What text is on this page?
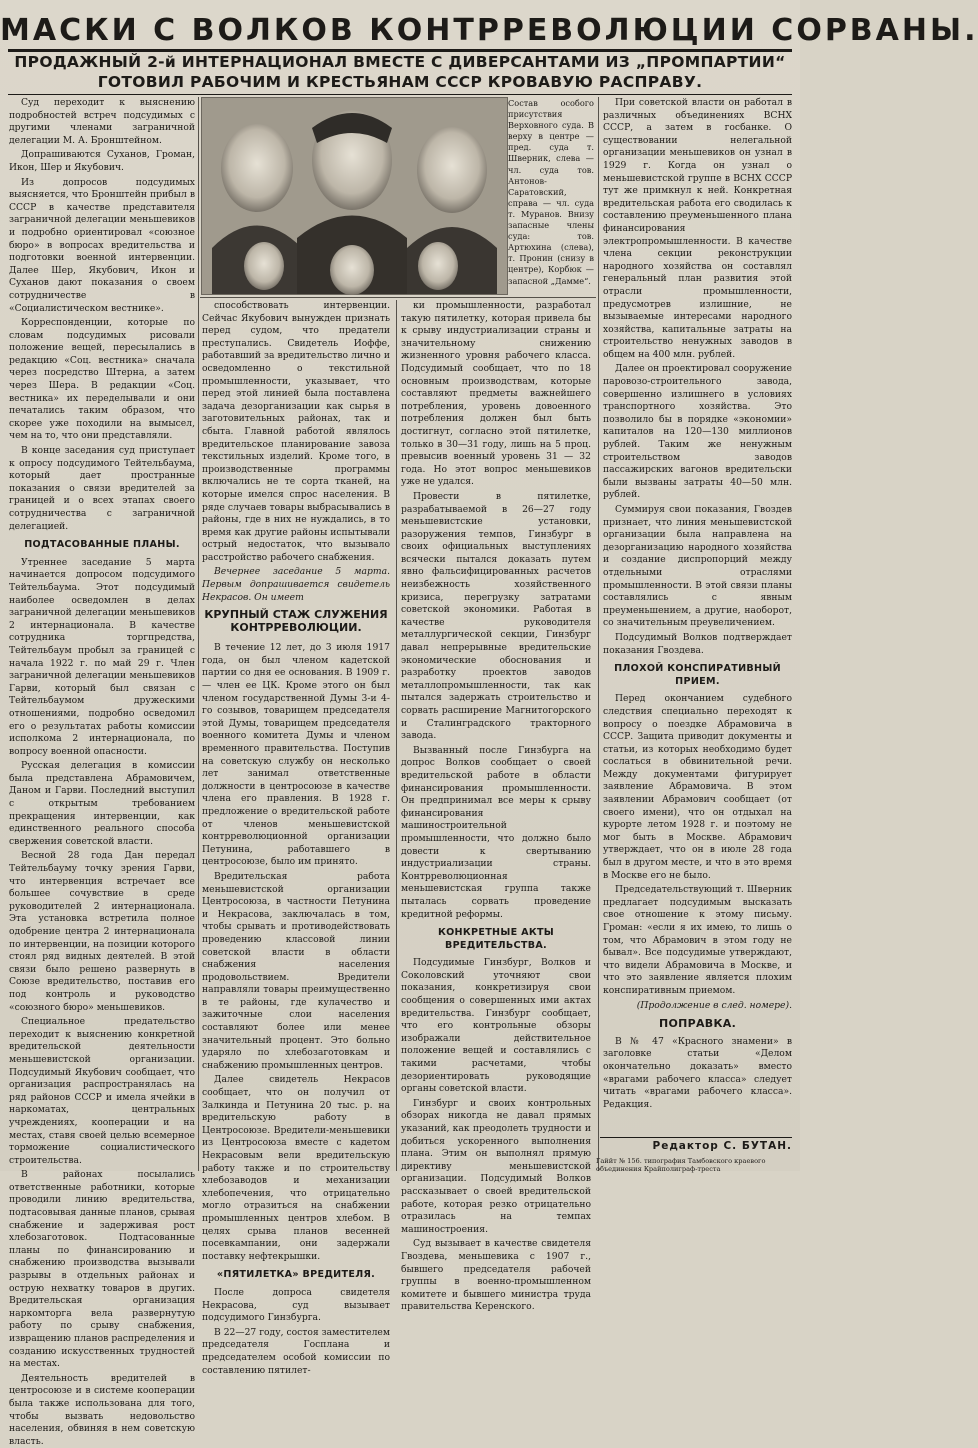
МАСКИ С ВОЛКОВ КОНТРРЕВОЛЮЦИИ СОРВАНЫ.
ПРОДАЖНЫЙ 2-й ИНТЕРНАЦИОНАЛ ВМЕСТЕ С ДИВЕРСАНТАМИ ИЗ „ПРОМПАРТИИ“ ГОТОВИЛ РАБОЧИМ И КРЕСТЬЯНАМ СССР КРОВАВУЮ РАСПРАВУ.

Суд переходит к выяснению подробностей встреч подсудимых с другими членами заграничной делегации М. А. Бронштейном.

Допрашиваются Суханов, Громан, Икон, Шер и Якубович.

Из допросов подсудимых выясняется, что Бронштейн прибыл в СССР в качестве представителя заграничной делегации меньшевиков и подробно ориентировал «союзное бюро» в вопросах вредительства и подготовки военной интервенции. Далее Шер, Якубович, Икон и Суханов дают показания о своем сотрудничестве в «Социалистическом вестнике».

Корреспонденции, которые по словам подсудимых рисовали положение вещей, пересылались в редакцию «Соц. вестника» сначала через посредство Штерна, а затем через Шера. В редакции «Соц. вестника» их переделывали и они печатались таким образом, что скорее уже походили на вымысел, чем на то, что они представляли.

В конце заседания суд приступает к опросу подсудимого Тейтельбаума, который дает пространные показания о связи вредителей за границей и о всех этапах своего сотрудничества с заграничной делегацией.

ПОДТАСОВАННЫЕ ПЛАНЫ.

Утреннее заседание 5 марта начинается допросом подсудимого Тейтельбаума. Этот подсудимый наиболее осведомлен в делах заграничной делегации меньшевиков 2 интернационала. В качестве сотрудника торгпредства, Тейтельбаум пробыл за границей с начала 1922 г. по май 29 г. Член заграничной делегации меньшевиков Гарви, который был связан с Тейтельбаумом дружескими отношениями, подробно осведомил его о результатах работы комиссии исполкома 2 интернационала, по вопросу военной опасности.

Русская делегация в комиссии была представлена Абрамовичем, Даном и Гарви. Последний выступил с открытым требованием прекращения интервенции, как единственного реального способа свержения советской власти.

Весной 28 года Дан передал Тейтельбауму точку зрения Гарви, что интервенция встречает все большее сочувствие в среде руководителей 2 интернационала. Эта установка встретила полное одобрение центра 2 интернационала по интервенции, на позиции которого стоял ряд видных деятелей. В этой связи было решено развернуть в Союзе вредительство, поставив его под контроль и руководство «союзного бюро» меньшевиков.

Специальное предательство переходит к выяснению конкретной вредительской деятельности меньшевистской организации. Подсудимый Якубович сообщает, что организация распространялась на ряд районов СССР и имела ячейки в наркоматах, центральных учреждениях, кооперации и на местах, ставя своей целью всемерное торможение социалистического строительства.

В районах посылались ответственные работники, которые проводили линию вредительства, подтасовывая данные планов, срывая снабжение и задерживая рост хлебозаготовок. Подтасованные планы по финансированию и снабжению производства вызывали разрывы в отдельных районах и острую нехватку товаров в других. Вредительская организация наркомторга вела развернутую работу по срыву снабжения, извращению планов распределения и созданию искусственных трудностей на местах.

Деятельность вредителей в центросоюзе и в системе кооперации была также использована для того, чтобы вызвать недовольство населения, обвиняя в нем советскую власть.

Состав особого присутствия Верховного суда. В верху в центре — пред. суда т. Шверник, слева — чл. суда тов. Антонов-Саратовский, справа — чл. суда т. Муранов. Внизу запасные члены суда: тов. Артюхина (слева), т. Пронин (снизу в центре), Корбюк — запасной „Дамме“.

способствовать интервенции. Сейчас Якубович вынужден признать перед судом, что предатели преступались. Свидетель Иоффе, работавший за вредительство лично и осведомленно о текстильной промышленности, указывает, что перед этой линией была поставлена задача дезорганизации как сырья в заготовительных районах, так и сбыта. Главной работой являлось вредительское планирование завоза текстильных изделий. Кроме того, в производственные программы включались не те сорта тканей, на которые имелся спрос населения. В ряде случаев товары выбрасывались в районы, где в них не нуждались, в то время как другие районы испытывали острый недостаток, что вызывало расстройство рабочего снабжения.

Вечернее заседание 5 марта. Первым допрашивается свидетель Некрасов. Он имеет

КРУПНЫЙ СТАЖ СЛУЖЕНИЯ КОНТРРЕВОЛЮЦИИ.

В течение 12 лет, до 3 июля 1917 года, он был членом кадетской партии со дня ее основания. В 1909 г. — член ее ЦК. Кроме этого он был членом государственной Думы 3-и 4-го созывов, товарищем председателя этой Думы, товарищем председателя военного комитета Думы и членом временного правительства. Поступив на советскую службу он несколько лет занимал ответственные должности в центросоюзе в качестве члена его правления. В 1928 г. предложение о вредительской работе от членов меньшевистской контрреволюционной организации Петунина, работавшего в центросоюзе, было им принято.

Вредительская работа меньшевистской организации Центросоюза, в частности Петунина и Некрасова, заключалась в том, чтобы срывать и противодействовать проведению классовой линии советской власти в области снабжения населения продовольствием. Вредители направляли товары преимущественно в те районы, где кулачество и зажиточные слои населения составляют более или менее значительный процент. Это больно ударяло по хлебозаготовкам и снабжению промышленных центров.

Далее свидетель Некрасов сообщает, что он получил от Залкинда и Петунина 20 тыс. р. на вредительскую работу в Центросоюзе. Вредители-меньшевики из Центросоюза вместе с кадетом Некрасовым вели вредительскую работу также и по строительству хлебозаводов и механизации хлебопечения, что отрицательно могло отразиться на снабжении промышленных центров хлебом. В целях срыва планов весенней посевкампании, они задержали поставку нефтекрышки.

«ПЯТИЛЕТКА» ВРЕДИТЕЛЯ.

После допроса свидетеля Некрасова, суд вызывает подсудимого Гинзбурга.

В 22—27 году, состоя заместителем председателя Госплана и председателем особой комиссии по составлению пятилет-

ки промышленности, разработал такую пятилетку, которая привела бы к срыву индустриализации страны и значительному снижению жизненного уровня рабочего класса. Подсудимый сообщает, что по 18 основным производствам, которые составляют предметы важнейшего потребления, уровень довоенного потребления должен был быть достигнут, согласно этой пятилетке, только в 30—31 году, лишь на 5 проц. превысив военный уровень 31 — 32 года. Но этот вопрос меньшевиков уже не удался.

Провести в пятилетке, разрабатываемой в 26—27 году меньшевистские установки, разоружения темпов, Гинзбург в своих официальных выступлениях всячески пытался доказать путем явно фальсифицированных расчетов неизбежность хозяйственного кризиса, перегрузку затратами советской экономики. Работая в качестве руководителя металлургической секции, Гинзбург давал непрерывные вредительские экономические обоснования и разработку проектов заводов металлопромышленности, так как пытался задержать строительство и сорвать расширение Магнитогорского и Сталинградского тракторного завода.

Вызванный после Гинзбурга на допрос Волков сообщает о своей вредительской работе в области финансирования промышленности. Он предпринимал все меры к срыву финансирования машиностроительной промышленности, что должно было довести к свертыванию индустриализации страны. Контрреволюционная меньшевистская группа также пыталась сорвать проведение кредитной реформы.

КОНКРЕТНЫЕ АКТЫ ВРЕДИТЕЛЬСТВА.

Подсудимые Гинзбург, Волков и Соколовский уточняют свои показания, конкретизируя свои сообщения о совершенных ими актах вредительства. Гинзбург сообщает, что его контрольные обзоры изображали действительное положение вещей и составлялись с такими расчетами, чтобы дезориентировать руководящие органы советской власти.

Гинзбург и своих контрольных обзорах никогда не давал прямых указаний, как преодолеть трудности и добиться ускоренного выполнения плана. Этим он выполнял прямую директиву меньшевистской организации. Подсудимый Волков рассказывает о своей вредительской работе, которая резко отрицательно отразилась на темпах машиностроения.

Суд вызывает в качестве свидетеля Гвоздева, меньшевика с 1907 г., бывшего председателя рабочей группы в военно-промышленном комитете и бывшего министра труда правительства Керенского.

При советской власти он работал в различных объединениях ВСНХ СССР, а затем в госбанке. О существовании нелегальной организации меньшевиков он узнал в 1929 г. Когда он узнал о меньшевистской группе в ВСНХ СССР тут же примкнул к ней. Конкретная вредительская работа его сводилась к составлению преуменьшенного плана финансирования электропромышленности. В качестве члена секции реконструкции народного хозяйства он составлял генеральный план развития этой отрасли промышленности, предусмотрев излишние, не вызываемые интересами народного хозяйства, капитальные затраты на строительство ненужных заводов в общем на 400 млн. рублей.

Далее он проектировал сооружение паровозо-строительного завода, совершенно излишнего в условиях транспортного хозяйства. Это позволило бы в порядке «экономии» капиталов на 120—130 миллионов рублей. Таким же ненужным строительством заводов пассажирских вагонов вредительски были вызваны затраты 40—50 млн. рублей.

Суммируя свои показания, Гвоздев признает, что линия меньшевистской организации была направлена на дезорганизацию народного хозяйства и создание диспропорций между отдельными отраслями промышленности. В этой связи планы составлялись с явным преуменьшением, а другие, наоборот, со значительным преувеличением.

Подсудимый Волков подтверждает показания Гвоздева.

ПЛОХОЙ КОНСПИРАТИВНЫЙ ПРИЕМ.

Перед окончанием судебного следствия специально переходят к вопросу о поездке Абрамовича в СССР. Защита приводит документы и статьи, из которых необходимо будет сослаться в обвинительной речи. Между документами фигурирует заявление Абрамовича. В этом заявлении Абрамович сообщает (от своего имени), что он отдыхал на курорте летом 1928 г. и поэтому не мог быть в Москве. Абрамович утверждает, что он в июле 28 года был в другом месте, и что в это время в Москве его не было.

Председательствующий т. Шверник предлагает подсудимым высказать свое отношение к этому письму. Громан: «если я их имею, то лишь о том, что Абрамович в этом году не бывал». Все подсудимые утверждают, что видели Абрамовича в Москве, и что это заявление является плохим конспиративным приемом.

(Продолжение в след. номере).

ПОПРАВКА.

В № 47 «Красного знамени» в заголовке статьи «Делом окончательно доказать» вместо «врагами рабочего класса» следует читать «врагами рабочего класса». Редакция.

Редактор С. БУТАН.
Гаййт № 156. типография Тамбовского краевого объединения Крайполиграф-треста
